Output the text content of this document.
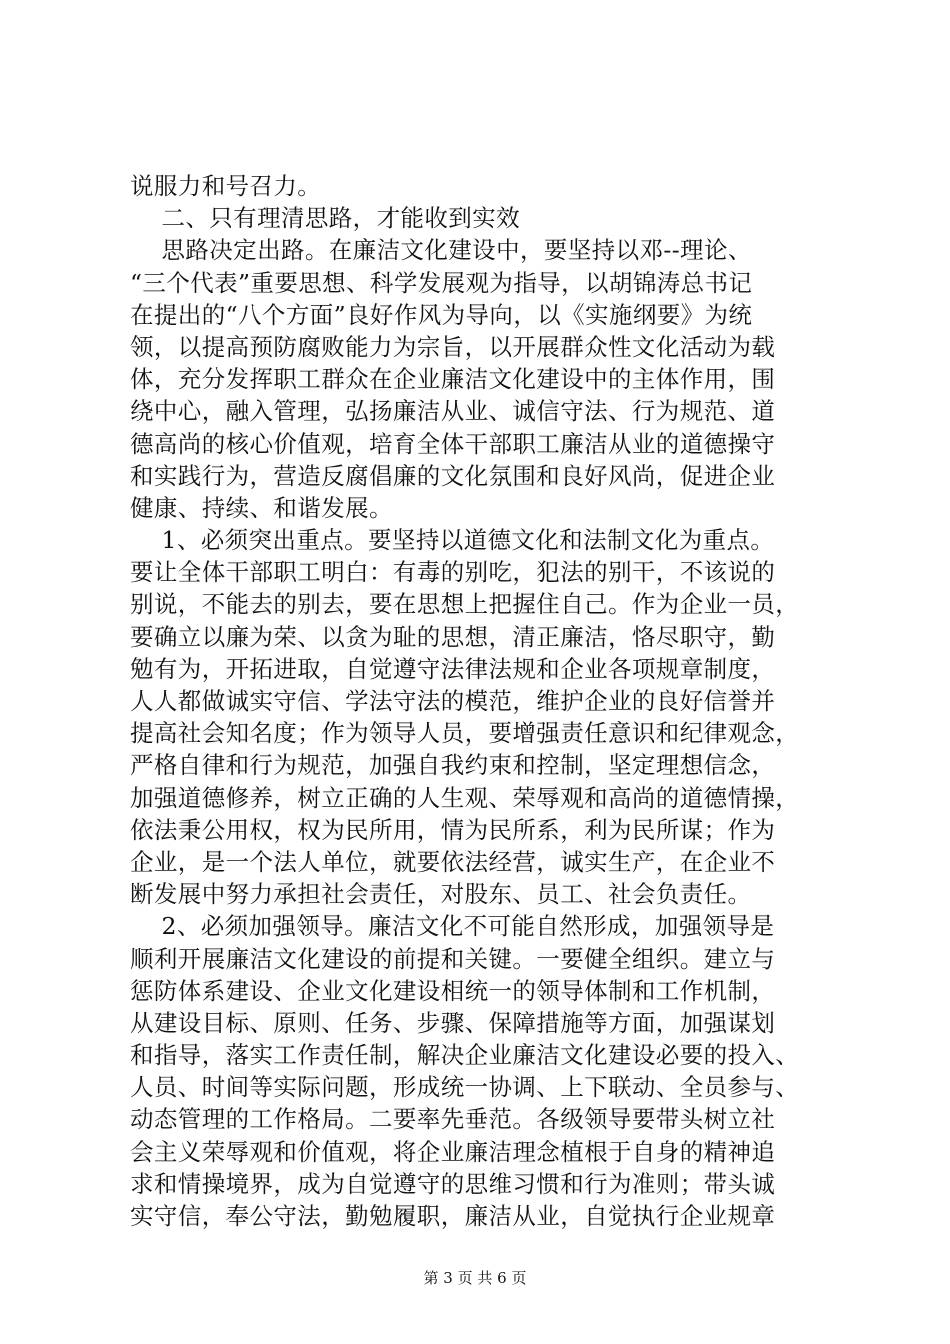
说服力和号召力。
二、只有理清思路，才能收到实效
思路决定出路。在廉洁文化建设中，要坚持以邓--理论、
“三个代表”重要思想、科学发展观为指导，以胡锦涛总书记
在提出的“八个方面”良好作风为导向，以《实施纲要》为统
领，以提高预防腐败能力为宗旨，以开展群众性文化活动为载
体，充分发挥职工群众在企业廉洁文化建设中的主体作用，围
绕中心，融入管理，弘扬廉洁从业、诚信守法、行为规范、道
德高尚的核心价值观，培育全体干部职工廉洁从业的道德操守
和实践行为，营造反腐倡廉的文化氛围和良好风尚，促进企业
健康、持续、和谐发展。
1、必须突出重点。要坚持以道德文化和法制文化为重点。
要让全体干部职工明白：有毒的别吃，犯法的别干，不该说的
别说，不能去的别去，要在思想上把握住自己。作为企业一员，
要确立以廉为荣、以贪为耻的思想，清正廉洁，恪尽职守，勤
勉有为，开拓进取，自觉遵守法律法规和企业各项规章制度，
人人都做诚实守信、学法守法的模范，维护企业的良好信誉并
提高社会知名度；作为领导人员，要增强责任意识和纪律观念，
严格自律和行为规范，加强自我约束和控制，坚定理想信念，
加强道德修养，树立正确的人生观、荣辱观和高尚的道德情操，
依法秉公用权，权为民所用，情为民所系，利为民所谋；作为
企业，是一个法人单位，就要依法经营，诚实生产，在企业不
断发展中努力承担社会责任，对股东、员工、社会负责任。
2、必须加强领导。廉洁文化不可能自然形成，加强领导是
顺利开展廉洁文化建设的前提和关键。一要健全组织。建立与
惩防体系建设、企业文化建设相统一的领导体制和工作机制，
从建设目标、原则、任务、步骤、保障措施等方面，加强谋划
和指导，落实工作责任制，解决企业廉洁文化建设必要的投入、
人员、时间等实际问题，形成统一协调、上下联动、全员参与、
动态管理的工作格局。二要率先垂范。各级领导要带头树立社
会主义荣辱观和价值观，将企业廉洁理念植根于自身的精神追
求和情操境界，成为自觉遵守的思维习惯和行为准则；带头诚
实守信，奉公守法，勤勉履职，廉洁从业，自觉执行企业规章
第 3 页 共 6 页
